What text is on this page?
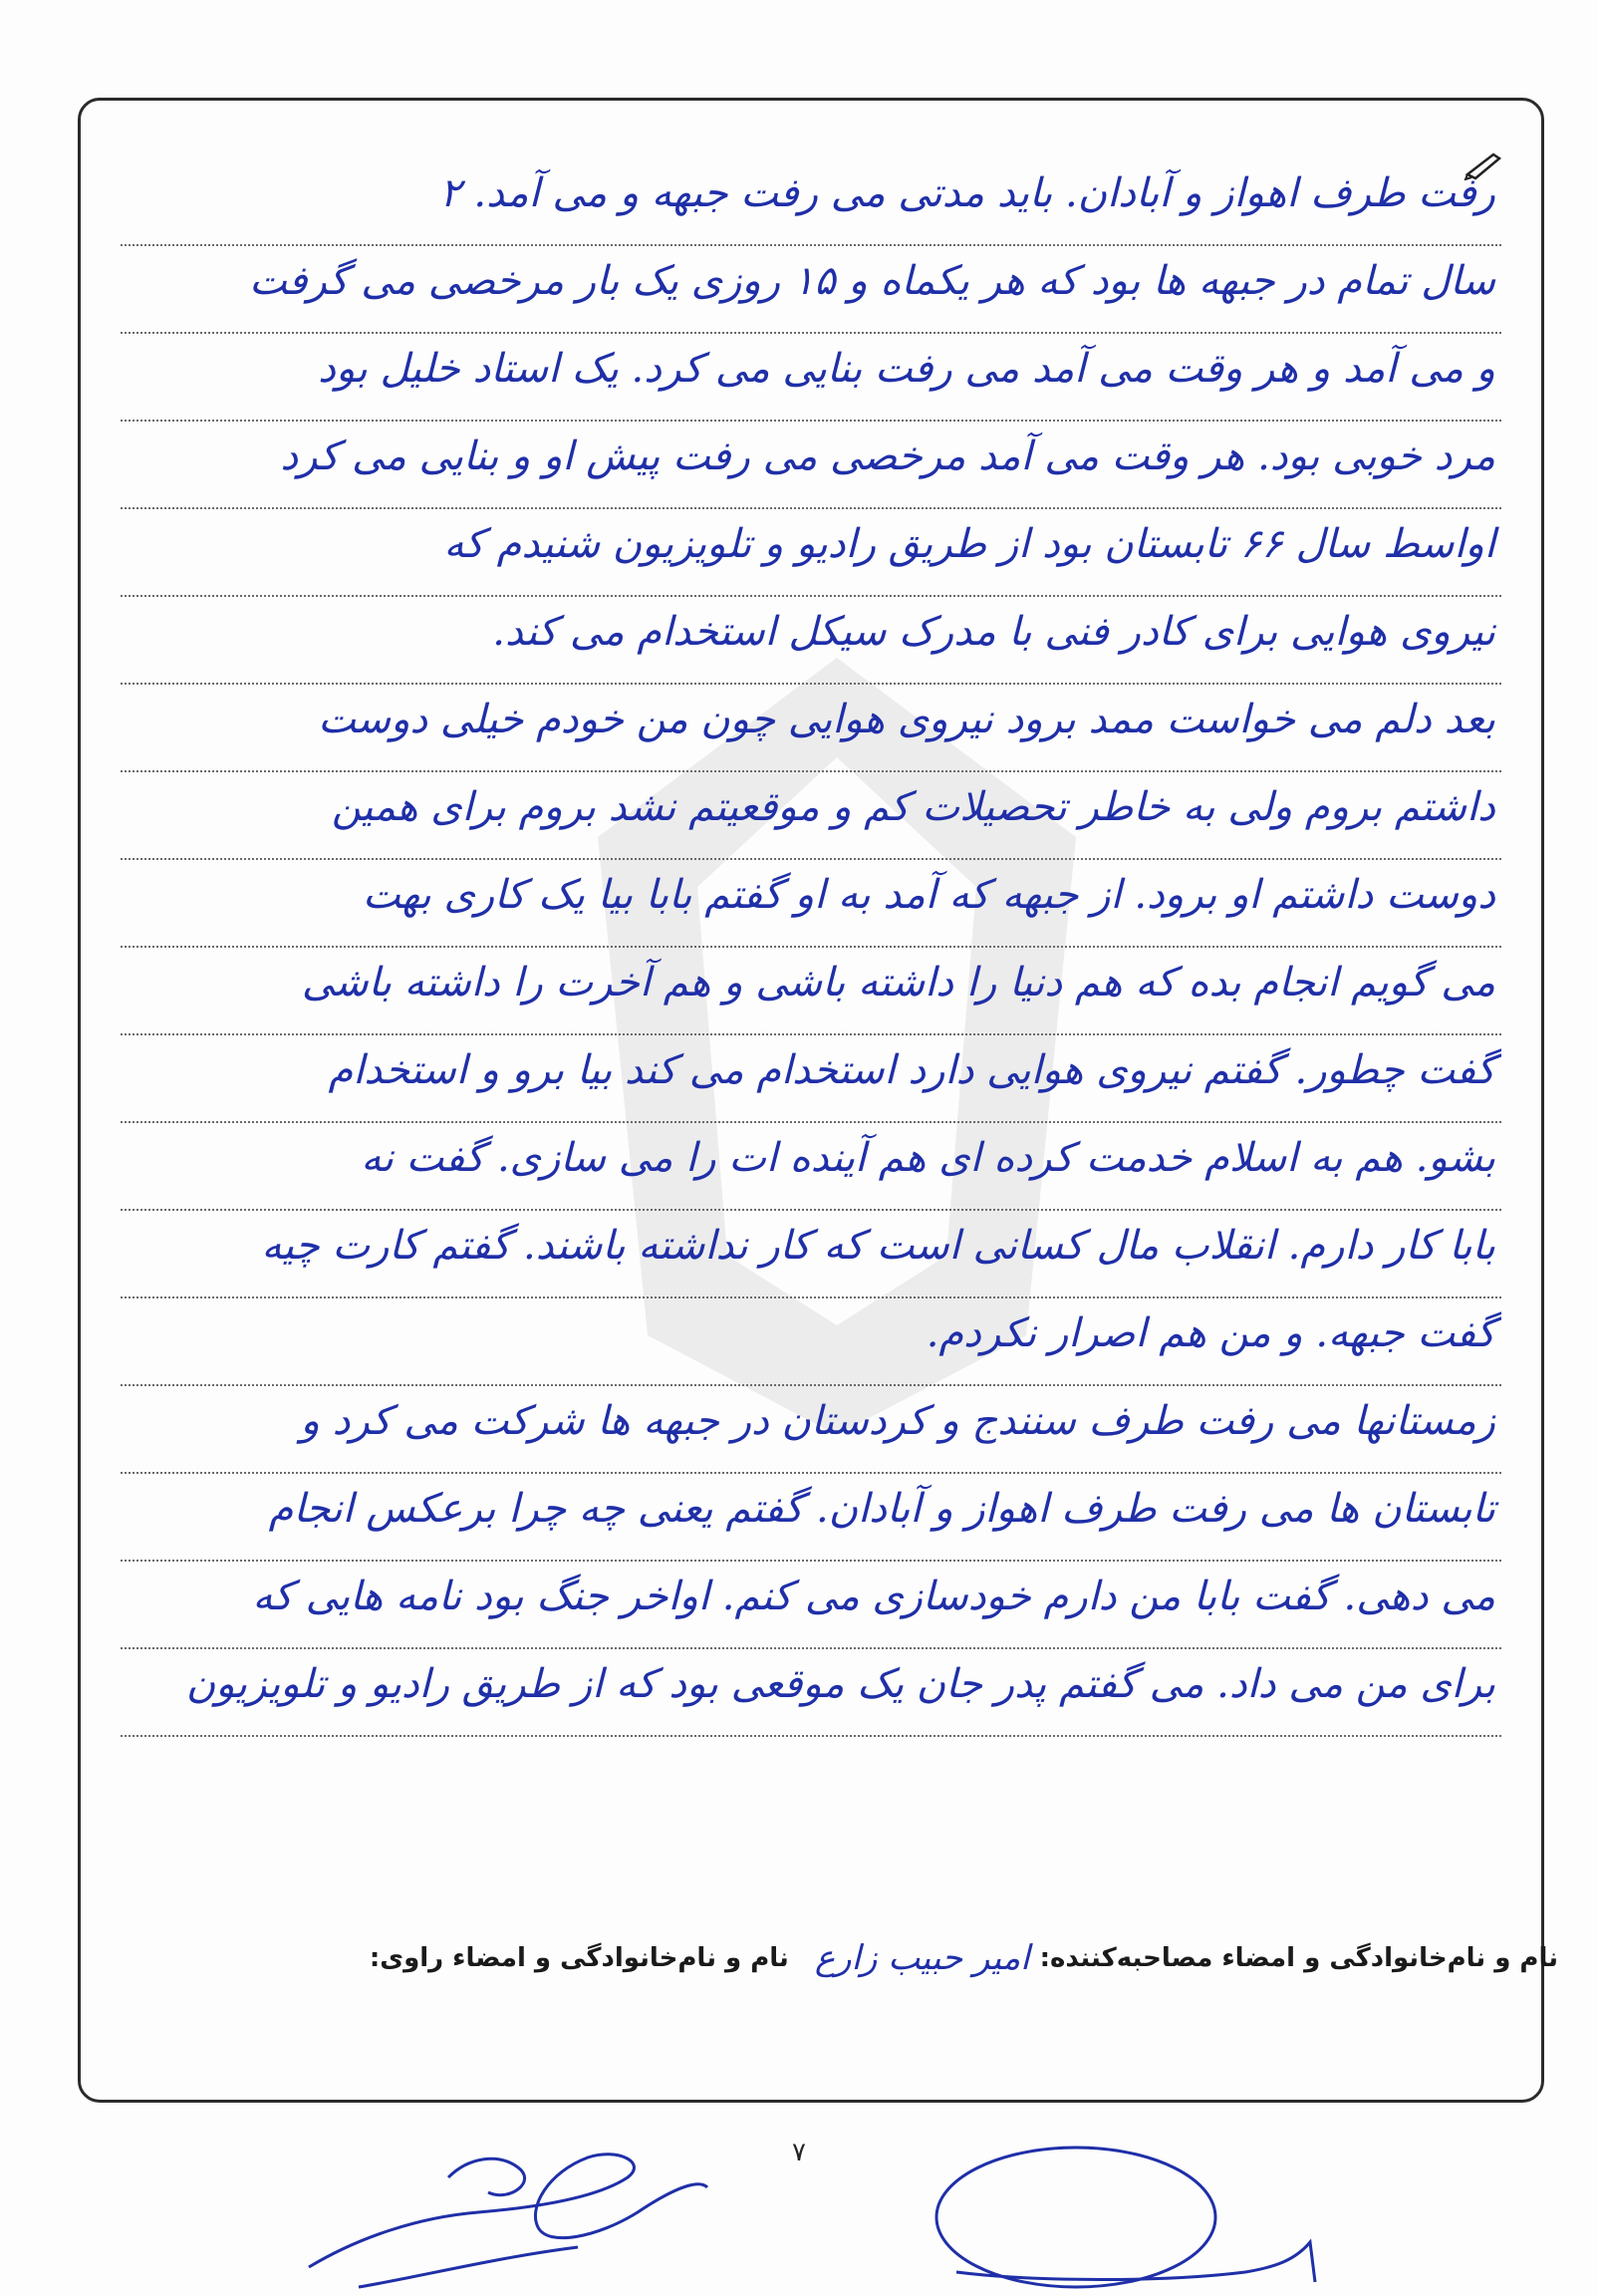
رفت طرف اهواز و آبادان. باید مدتی می رفت جبهه و می آمد. ۲
سال تمام در جبهه ها بود که هر یکماه و ۱۵ روزی یک بار مرخصی می گرفت
و می آمد و هر وقت می آمد می رفت بنایی می کرد. یک استاد خلیل بود
مرد خوبی بود. هر وقت می آمد مرخصی می رفت پیش او و بنایی می کرد
اواسط سال ۶۶ تابستان بود از طریق رادیو و تلویزیون شنیدم که
نیروی هوایی برای کادر فنی با مدرک سیکل استخدام می کند.
بعد دلم می خواست ممد برود نیروی هوایی چون من خودم خیلی دوست
داشتم بروم ولی به خاطر تحصیلات کم و موقعیتم نشد بروم برای همین
دوست داشتم او برود. از جبهه که آمد به او گفتم بابا بیا یک کاری بهت
می گویم انجام بده که هم دنیا را داشته باشی و هم آخرت را داشته باشی
گفت چطور. گفتم نیروی هوایی دارد استخدام می کند بیا برو و استخدام
بشو. هم به اسلام خدمت کرده ای هم آینده ات را می سازی. گفت نه
بابا کار دارم. انقلاب مال کسانی است که کار نداشته باشند. گفتم کارت چیه
گفت جبهه. و من هم اصرار نکردم.
زمستانها می رفت طرف سنندج و کردستان در جبهه ها شرکت می کرد و
تابستان ها می رفت طرف اهواز و آبادان. گفتم یعنی چه چرا برعکس انجام
می دهی. گفت بابا من دارم خودسازی می کنم. اواخر جنگ بود نامه هایی که
برای من می داد. می گفتم پدر جان یک موقعی بود که از طریق رادیو و تلویزیون
نام و نام‌خانوادگی و امضاء مصاحبه‌کننده:
امیر حبیب زارع
نام و نام‌خانوادگی و امضاء راوی:
۷
